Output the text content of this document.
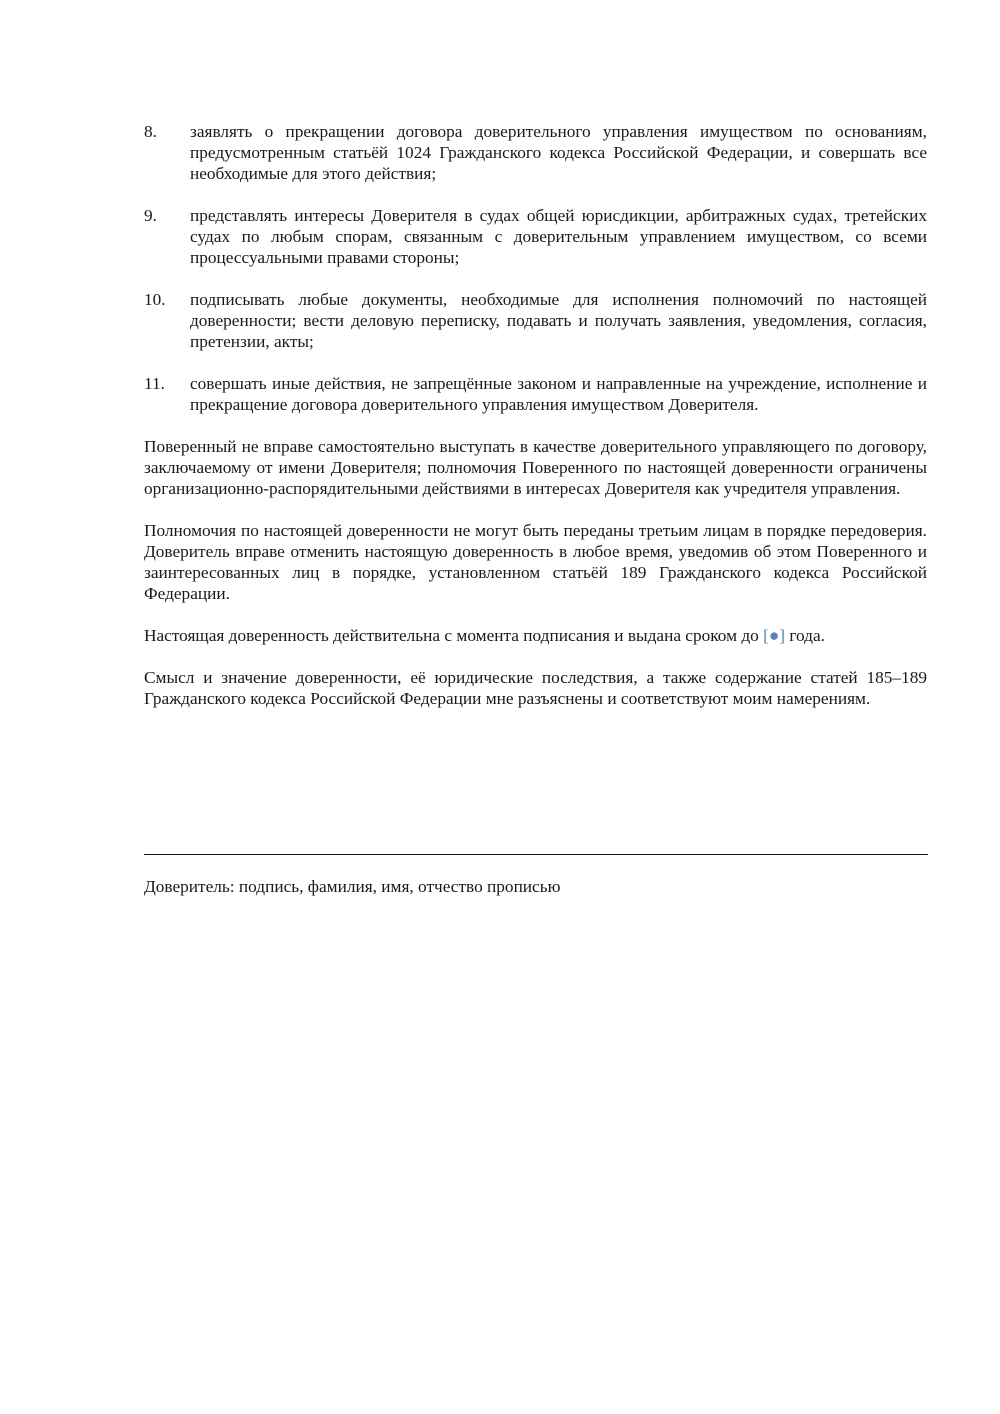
8.	заявлять о прекращении договора доверительного управления имуществом по основаниям, предусмотренным статьёй 1024 Гражданского кодекса Российской Федерации, и совершать все необходимые для этого действия;
9.	представлять интересы Доверителя в судах общей юрисдикции, арбитражных судах, третейских судах по любым спорам, связанным с доверительным управлением имуществом, со всеми процессуальными правами стороны;
10.	подписывать любые документы, необходимые для исполнения полномочий по настоящей доверенности; вести деловую переписку, подавать и получать заявления, уведомления, согласия, претензии, акты;
11.	совершать иные действия, не запрещённые законом и направленные на учреждение, исполнение и прекращение договора доверительного управления имуществом Доверителя.

Поверенный не вправе самостоятельно выступать в качестве доверительного управляющего по договору, заключаемому от имени Доверителя; полномочия Поверенного по настоящей доверенности ограничены организационно-распорядительными действиями в интересах Доверителя как учредителя управления.

Полномочия по настоящей доверенности не могут быть переданы третьим лицам в порядке передоверия. Доверитель вправе отменить настоящую доверенность в любое время, уведомив об этом Поверенного и заинтересованных лиц в порядке, установленном статьёй 189 Гражданского кодекса Российской Федерации.

Настоящая доверенность действительна с момента подписания и выдана сроком до [●] года.

Смысл и значение доверенности, её юридические последствия, а также содержание статей 185–189 Гражданского кодекса Российской Федерации мне разъяснены и соответствуют моим намерениям.

Доверитель: подпись, фамилия, имя, отчество прописью
